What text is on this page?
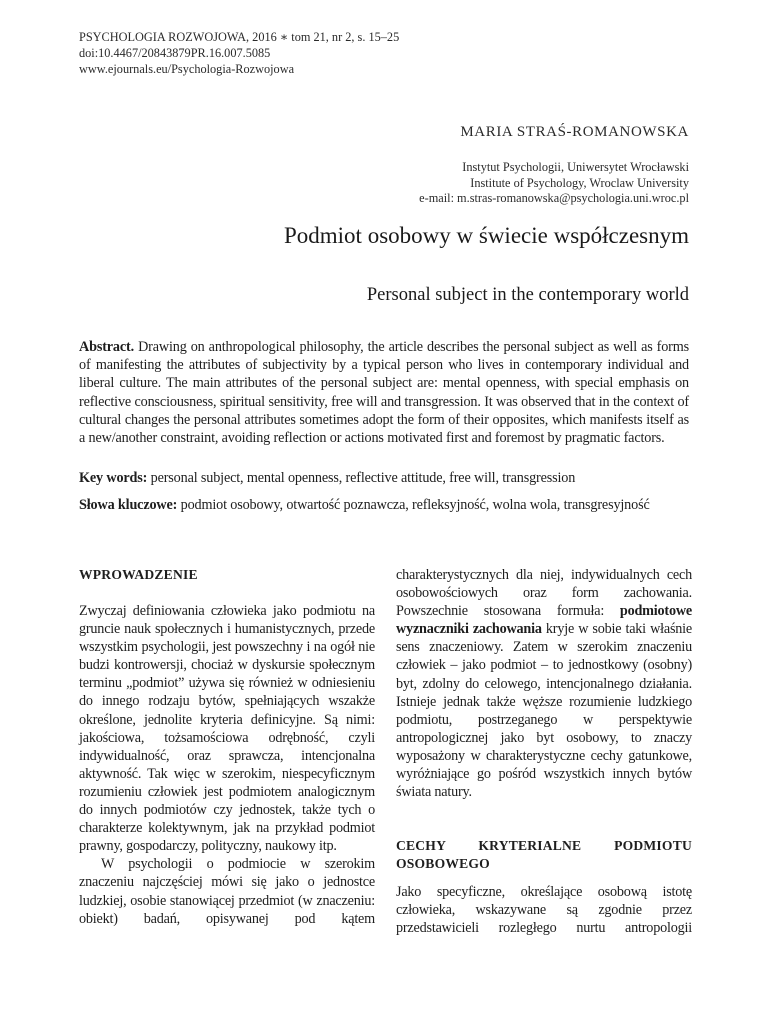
PSYCHOLOGIA ROZWOJOWA, 2016 ∗ tom 21, nr 2, s. 15–25
doi:10.4467/20843879PR.16.007.5085
www.ejournals.eu/Psychologia-Rozwojowa
MARIA STRAŚ-ROMANOWSKA
Instytut Psychologii, Uniwersytet Wrocławski
Institute of Psychology, Wroclaw University
e-mail: m.stras-romanowska@psychologia.uni.wroc.pl
Podmiot osobowy w świecie współczesnym
Personal subject in the contemporary world
Abstract. Drawing on anthropological philosophy, the article describes the personal subject as well as forms of manifesting the attributes of subjectivity by a typical person who lives in contemporary individual and liberal culture. The main attributes of the personal subject are: mental openness, with special emphasis on reflective consciousness, spiritual sensitivity, free will and transgression. It was observed that in the context of cultural changes the personal attributes sometimes adopt the form of their opposites, which manifests itself as a new/another constraint, avoiding reflection or actions motivated first and foremost by pragmatic factors.
Key words: personal subject, mental openness, reflective attitude, free will, transgression
Słowa kluczowe: podmiot osobowy, otwartość poznawcza, refleksyjność, wolna wola, transgresyjność

WPROWADZENIE

Zwyczaj definiowania człowieka jako podmiotu na gruncie nauk społecznych i humanistycznych, przede wszystkim psychologii, jest powszechny i na ogół nie budzi kontrowersji, chociaż w dyskursie społecznym terminu „podmiot” używa się również w odniesieniu do innego rodzaju bytów, spełniających wszakże określone, jednolite kryteria definicyjne. Są nimi: jakościowa, tożsamościowa odrębność, czyli indywidualność, oraz sprawcza, intencjonalna aktywność. Tak więc w szerokim, niespecyficznym rozumieniu człowiek jest podmiotem analogicznym do innych podmiotów czy jednostek, także tych o charakterze kolektywnym, jak na przykład podmiot prawny, gospodarczy, polityczny, naukowy itp.

W psychologii o podmiocie w szerokim znaczeniu najczęściej mówi się jako o jednostce ludzkiej, osobie stanowiącej przedmiot (w znaczeniu: obiekt) badań, opisywanej pod kątem

charakterystycznych dla niej, indywidualnych cech osobowościowych oraz form zachowania. Powszechnie stosowana formuła: podmiotowe wyznaczniki zachowania kryje w sobie taki właśnie sens znaczeniowy. Zatem w szerokim znaczeniu człowiek – jako podmiot – to jednostkowy (osobny) byt, zdolny do celowego, intencjonalnego działania. Istnieje jednak także węższe rozumienie ludzkiego podmiotu, postrzeganego w perspektywie antropologicznej jako byt osobowy, to znaczy wyposażony w charakterystyczne cechy gatunkowe, wyróżniające go pośród wszystkich innych bytów świata natury.

CECHY KRYTERIALNE PODMIOTU OSOBOWEGO

Jako specyficzne, określające osobową istotę człowieka, wskazywane są zgodnie przez przedstawicieli rozległego nurtu antropologii
